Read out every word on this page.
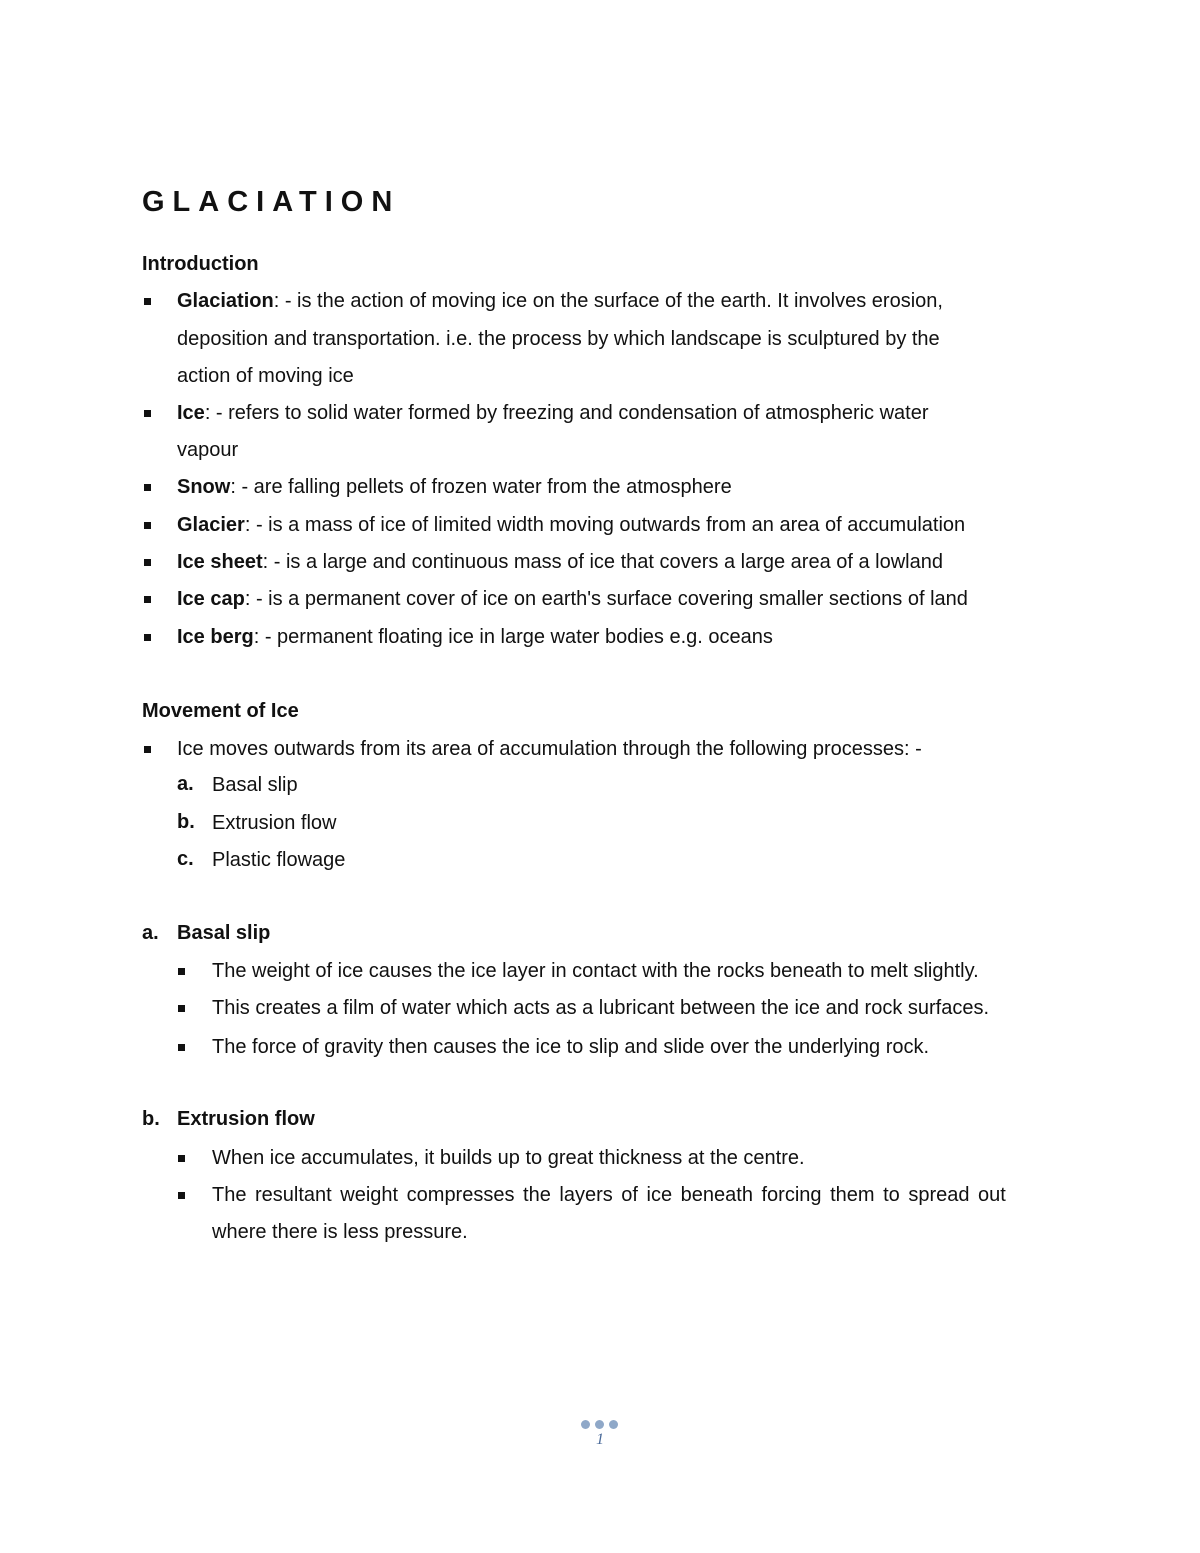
GLACIATION

Introduction

Glaciation: - is the action of moving ice on the surface of the earth. It involves erosion,

deposition and transportation. i.e. the process by which landscape is sculptured by the

action of moving ice

Ice: - refers to solid water formed by freezing and condensation of atmospheric water

vapour

Snow: - are falling pellets of frozen water from the atmosphere

Glacier: - is a mass of ice of limited width moving outwards from an area of accumulation

Ice sheet: - is a large and continuous mass of ice that covers a large area of a lowland

Ice cap: - is a permanent cover of ice on earth's surface covering smaller sections of land

Ice berg: - permanent floating ice in large water bodies e.g. oceans

Movement of Ice

Ice moves outwards from its area of accumulation through the following processes: -

a. Basal slip

b. Extrusion flow

c. Plastic flowage

a. Basal slip

The weight of ice causes the ice layer in contact with the rocks beneath to melt slightly.

This creates a film of water which acts as a lubricant between the ice and rock surfaces.

The force of gravity then causes the ice to slip and slide over the underlying rock.

b. Extrusion flow

When ice accumulates, it builds up to great thickness at the centre.

The resultant weight compresses the layers of ice beneath forcing them to spread out

where there is less pressure.

1
